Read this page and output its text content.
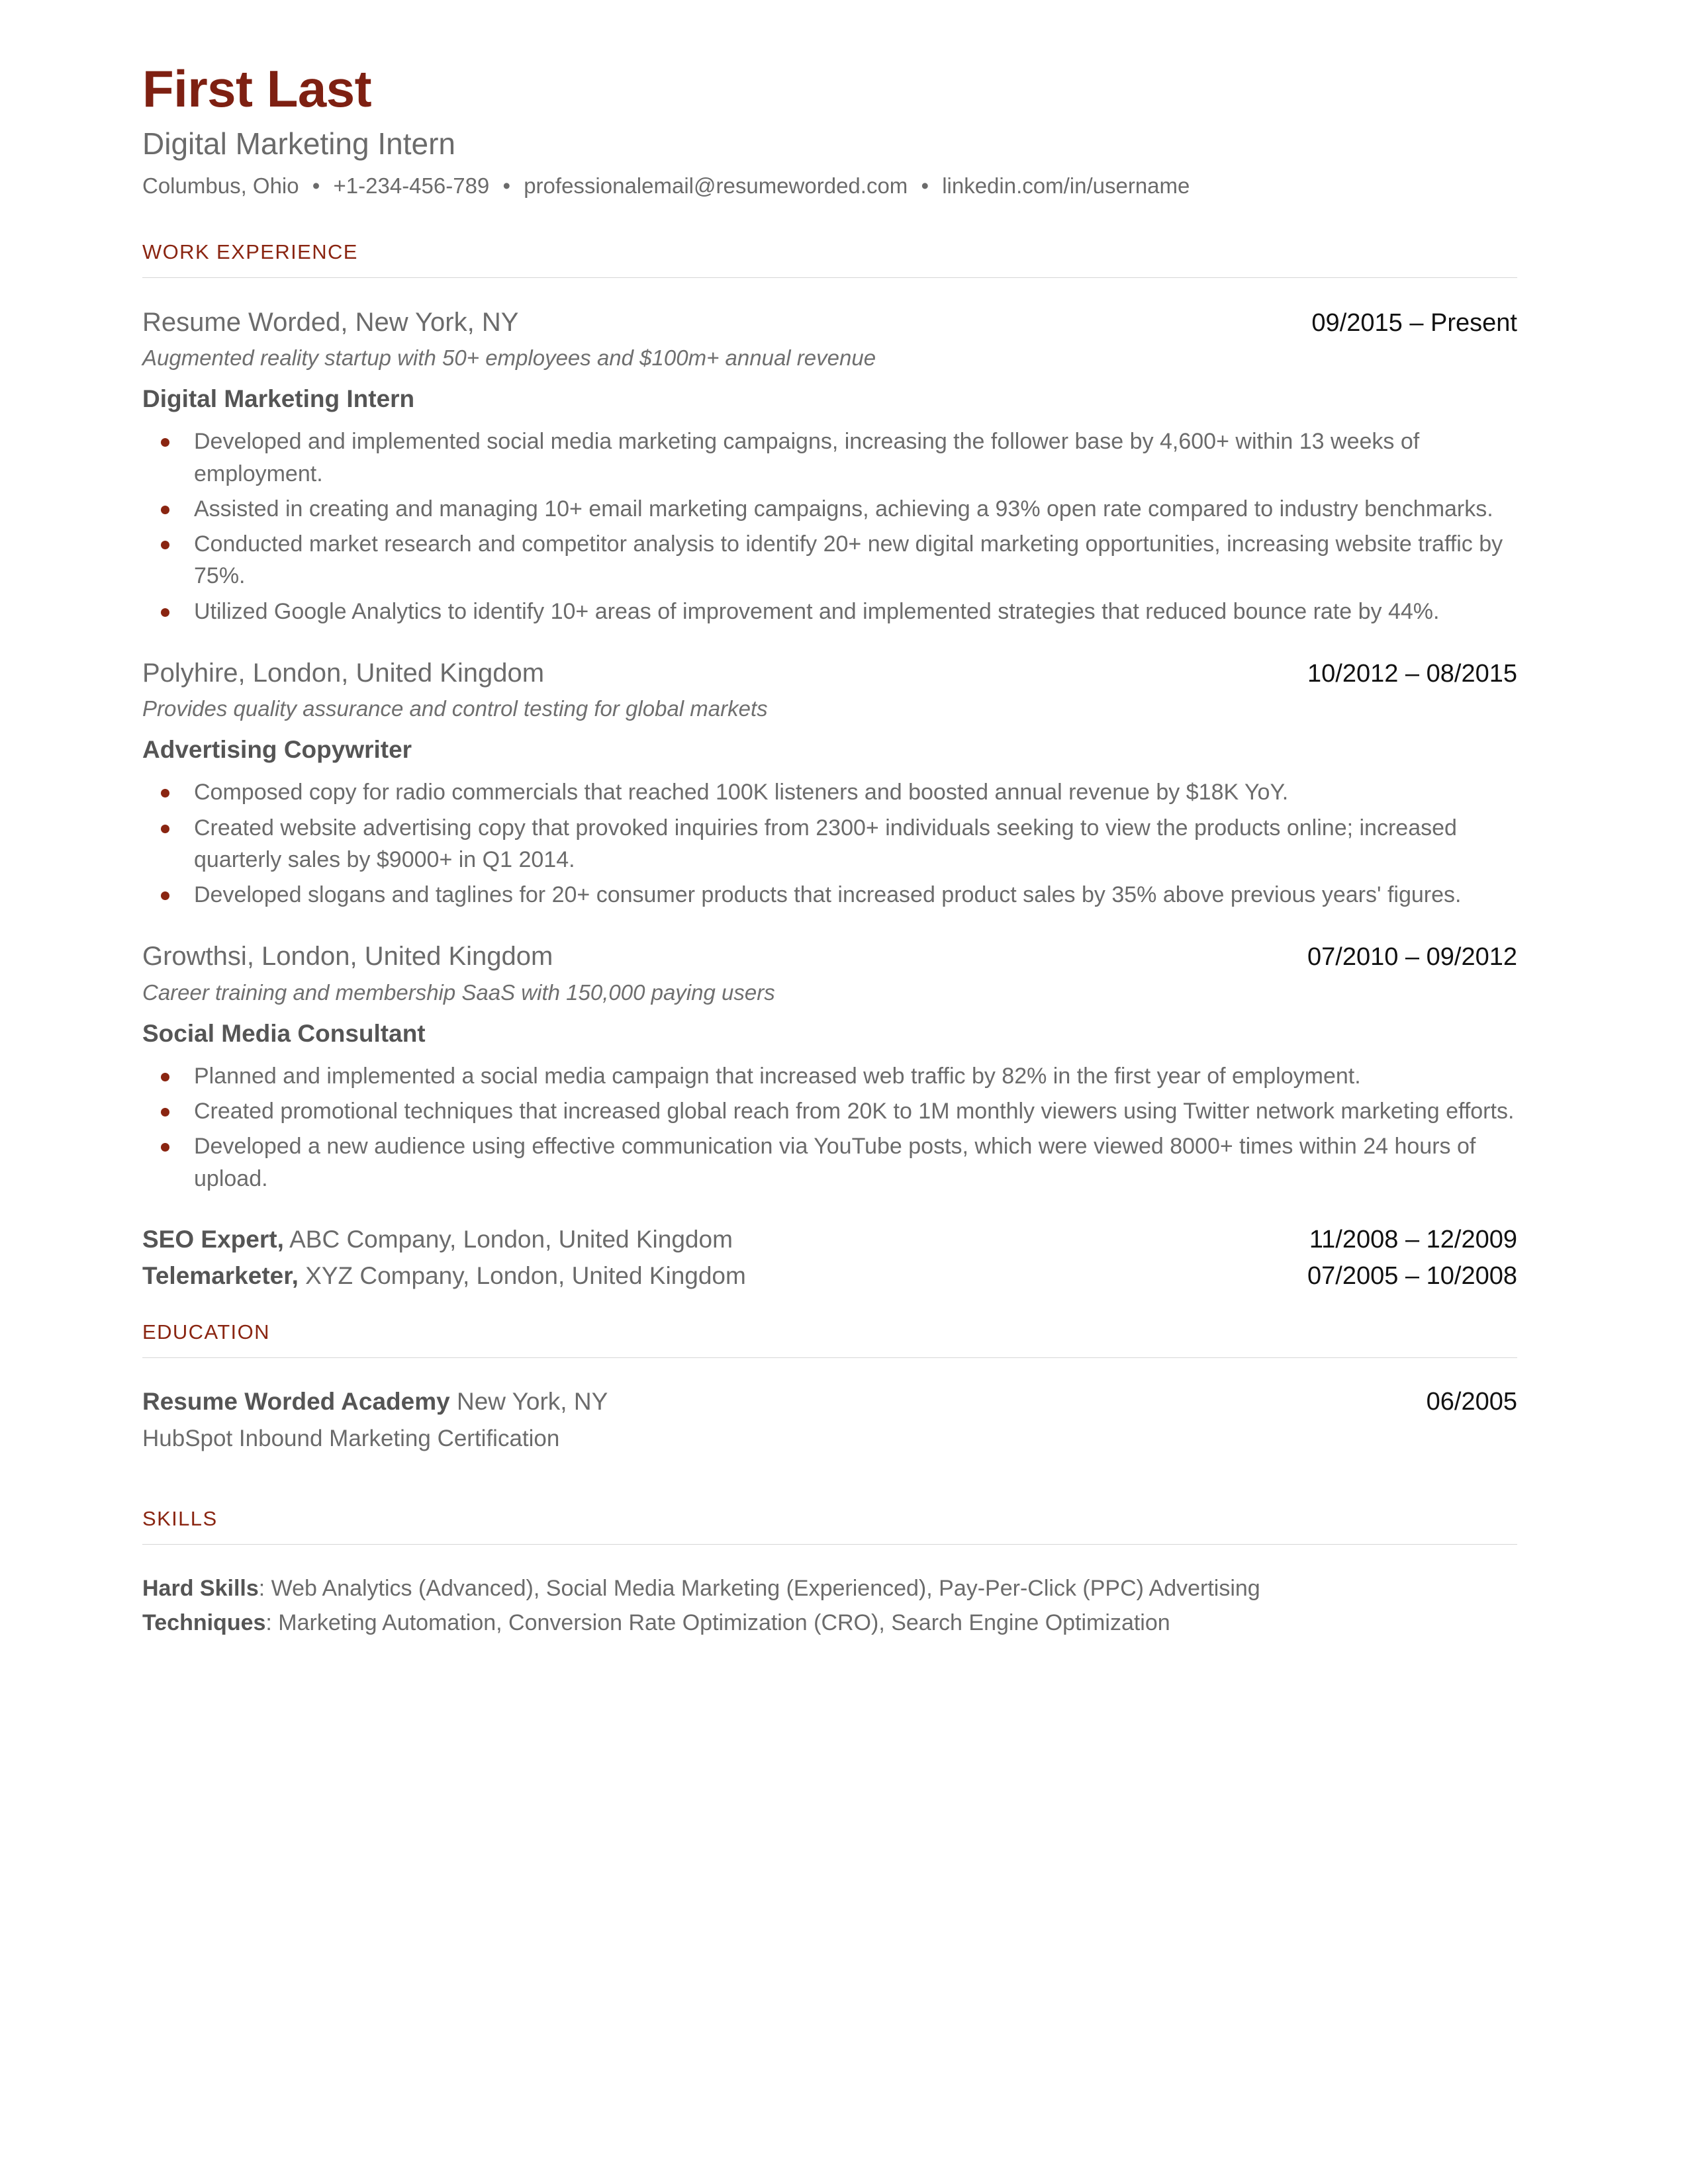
First Last
Digital Marketing Intern
Columbus, Ohio • +1-234-456-789 • professionalemail@resumeworded.com • linkedin.com/in/username
WORK EXPERIENCE
Resume Worded, New York, NY	09/2015 – Present
Augmented reality startup with 50+ employees and $100m+ annual revenue
Digital Marketing Intern
Developed and implemented social media marketing campaigns, increasing the follower base by 4,600+ within 13 weeks of employment.
Assisted in creating and managing 10+ email marketing campaigns, achieving a 93% open rate compared to industry benchmarks.
Conducted market research and competitor analysis to identify 20+ new digital marketing opportunities, increasing website traffic by 75%.
Utilized Google Analytics to identify 10+ areas of improvement and implemented strategies that reduced bounce rate by 44%.
Polyhire, London, United Kingdom	10/2012 – 08/2015
Provides quality assurance and control testing for global markets
Advertising Copywriter
Composed copy for radio commercials that reached 100K listeners and boosted annual revenue by $18K YoY.
Created website advertising copy that provoked inquiries from 2300+ individuals seeking to view the products online; increased quarterly sales by $9000+ in Q1 2014.
Developed slogans and taglines for 20+ consumer products that increased product sales by 35% above previous years' figures.
Growthsi, London, United Kingdom	07/2010 – 09/2012
Career training and membership SaaS with 150,000 paying users
Social Media Consultant
Planned and implemented a social media campaign that increased web traffic by 82% in the first year of employment.
Created promotional techniques that increased global reach from 20K to 1M monthly viewers using Twitter network marketing efforts.
Developed a new audience using effective communication via YouTube posts, which were viewed 8000+ times within 24 hours of upload.
SEO Expert, ABC Company, London, United Kingdom	11/2008 – 12/2009
Telemarketer, XYZ Company, London, United Kingdom	07/2005 – 10/2008
EDUCATION
Resume Worded Academy New York, NY	06/2005
HubSpot Inbound Marketing Certification
SKILLS
Hard Skills: Web Analytics (Advanced), Social Media Marketing (Experienced), Pay-Per-Click (PPC) Advertising
Techniques: Marketing Automation, Conversion Rate Optimization (CRO), Search Engine Optimization
